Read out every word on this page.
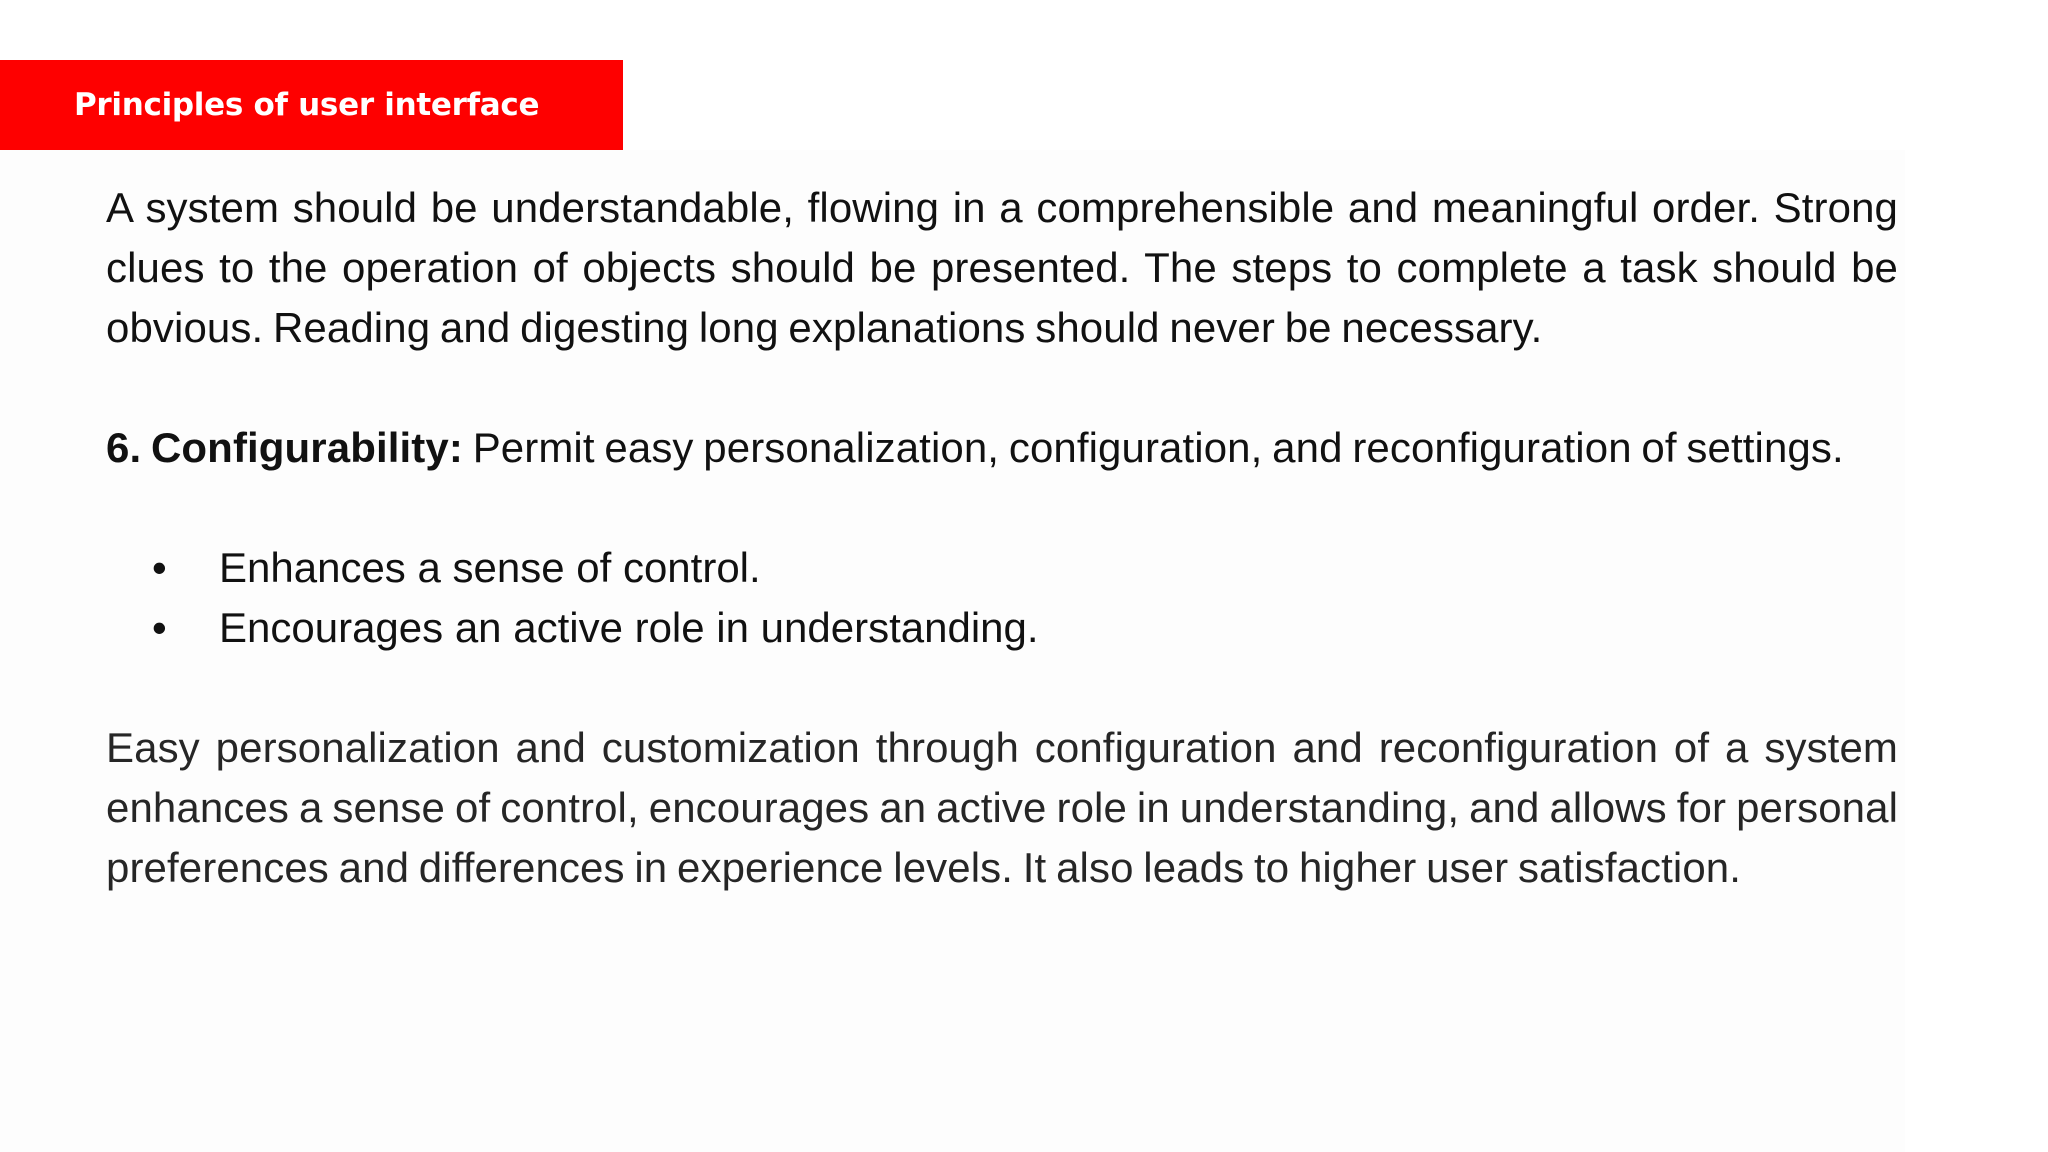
Principles of user interface

A system should be understandable, flowing in a comprehensible and meaningful order. Strong clues to the operation of objects should be presented. The steps to complete a task should be obvious. Reading and digesting long explanations should never be necessary.

6. Configurability: Permit easy personalization, configuration, and reconfiguration of settings.

• Enhances a sense of control.
• Encourages an active role in understanding.

Easy personalization and customization through configuration and reconfiguration of a system enhances a sense of control, encourages an active role in understanding, and allows for personal preferences and differences in experience levels. It also leads to higher user satisfaction.
